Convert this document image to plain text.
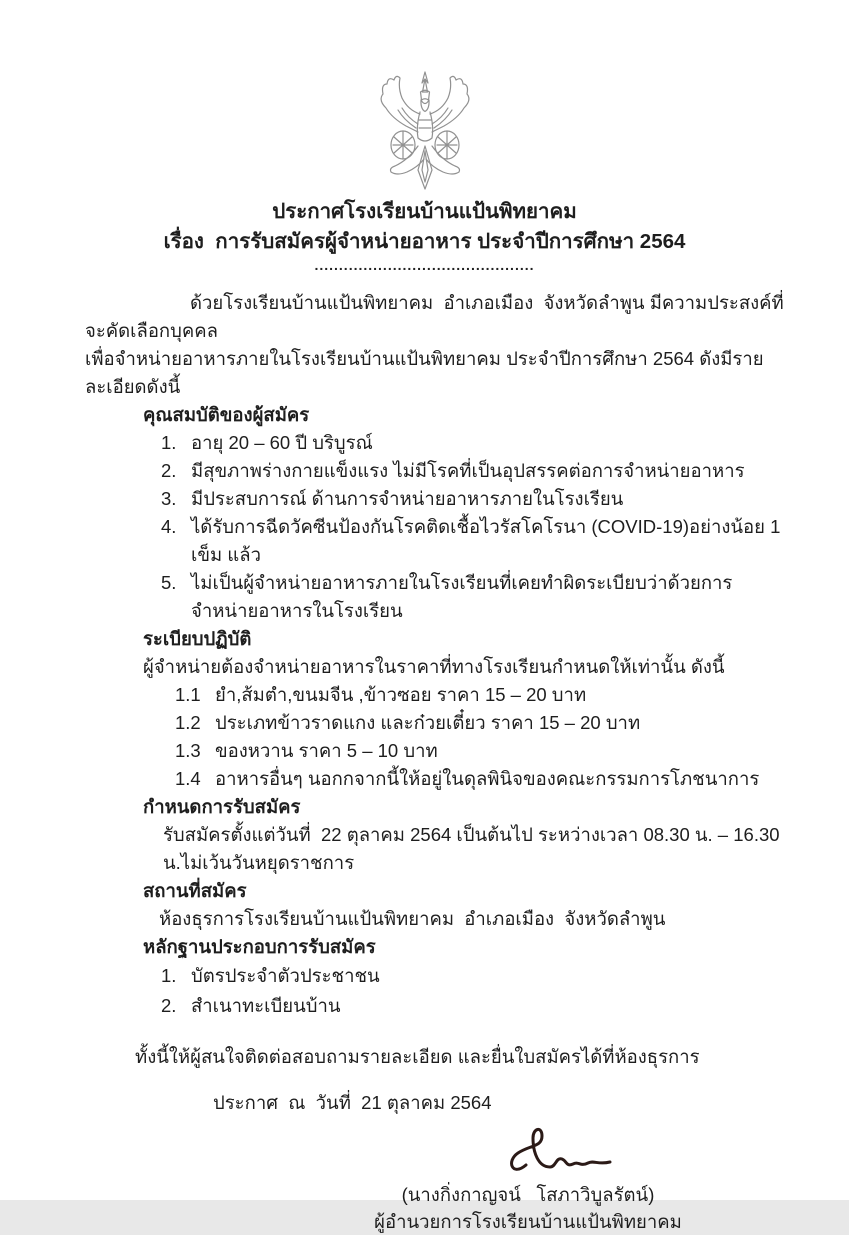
ประกาศโรงเรียนบ้านแป้นพิทยาคม
เรื่อง  การรับสมัครผู้จำหน่ายอาหาร ประจำปีการศึกษา 2564
.............................................
ด้วยโรงเรียนบ้านแป้นพิทยาคม  อำเภอเมือง  จังหวัดลำพูน มีความประสงค์ที่จะคัดเลือกบุคคล
เพื่อจำหน่ายอาหารภายในโรงเรียนบ้านแป้นพิทยาคม ประจำปีการศึกษา 2564 ดังมีรายละเอียดดังนี้
คุณสมบัติของผู้สมัคร
1. อายุ 20 – 60 ปี บริบูรณ์
2. มีสุขภาพร่างกายแข็งแรง ไม่มีโรคที่เป็นอุปสรรคต่อการจำหน่ายอาหาร
3. มีประสบการณ์ ด้านการจำหน่ายอาหารภายในโรงเรียน
4. ได้รับการฉีดวัคซีนป้องกันโรคติดเชื้อไวรัสโคโรนา (COVID-19)อย่างน้อย 1 เข็ม แล้ว
5. ไม่เป็นผู้จำหน่ายอาหารภายในโรงเรียนที่เคยทำผิดระเบียบว่าด้วยการจำหน่ายอาหารในโรงเรียน
ระเบียบปฏิบัติ
ผู้จำหน่ายต้องจำหน่ายอาหารในราคาที่ทางโรงเรียนกำหนดให้เท่านั้น ดังนี้
1.1 ยำ,ส้มตำ,ขนมจีน ,ข้าวซอย ราคา 15 – 20 บาท
1.2 ประเภทข้าวราดแกง และก๋วยเตี๋ยว ราคา 15 – 20 บาท
1.3 ของหวาน ราคา 5 – 10 บาท
1.4 อาหารอื่นๆ นอกกจากนี้ให้อยู่ในดุลพินิจของคณะกรรมการโภชนาการ
กำหนดการรับสมัคร
รับสมัครตั้งแต่วันที่  22 ตุลาคม 2564 เป็นต้นไป ระหว่างเวลา 08.30 น. – 16.30 น.ไม่เว้นวันหยุดราชการ
สถานที่สมัคร
ห้องธุรการโรงเรียนบ้านแป้นพิทยาคม  อำเภอเมือง  จังหวัดลำพูน
หลักฐานประกอบการรับสมัคร
1. บัตรประจำตัวประชาชน
2. สำเนาทะเบียนบ้าน
ทั้งนี้ให้ผู้สนใจติดต่อสอบถามรายละเอียด และยื่นใบสมัครได้ที่ห้องธุรการ
ประกาศ  ณ  วันที่  21 ตุลาคม 2564
(นางกิ่งกาญจน์   โสภาวิบูลรัตน์)
ผู้อำนวยการโรงเรียนบ้านแป้นพิทยาคม
